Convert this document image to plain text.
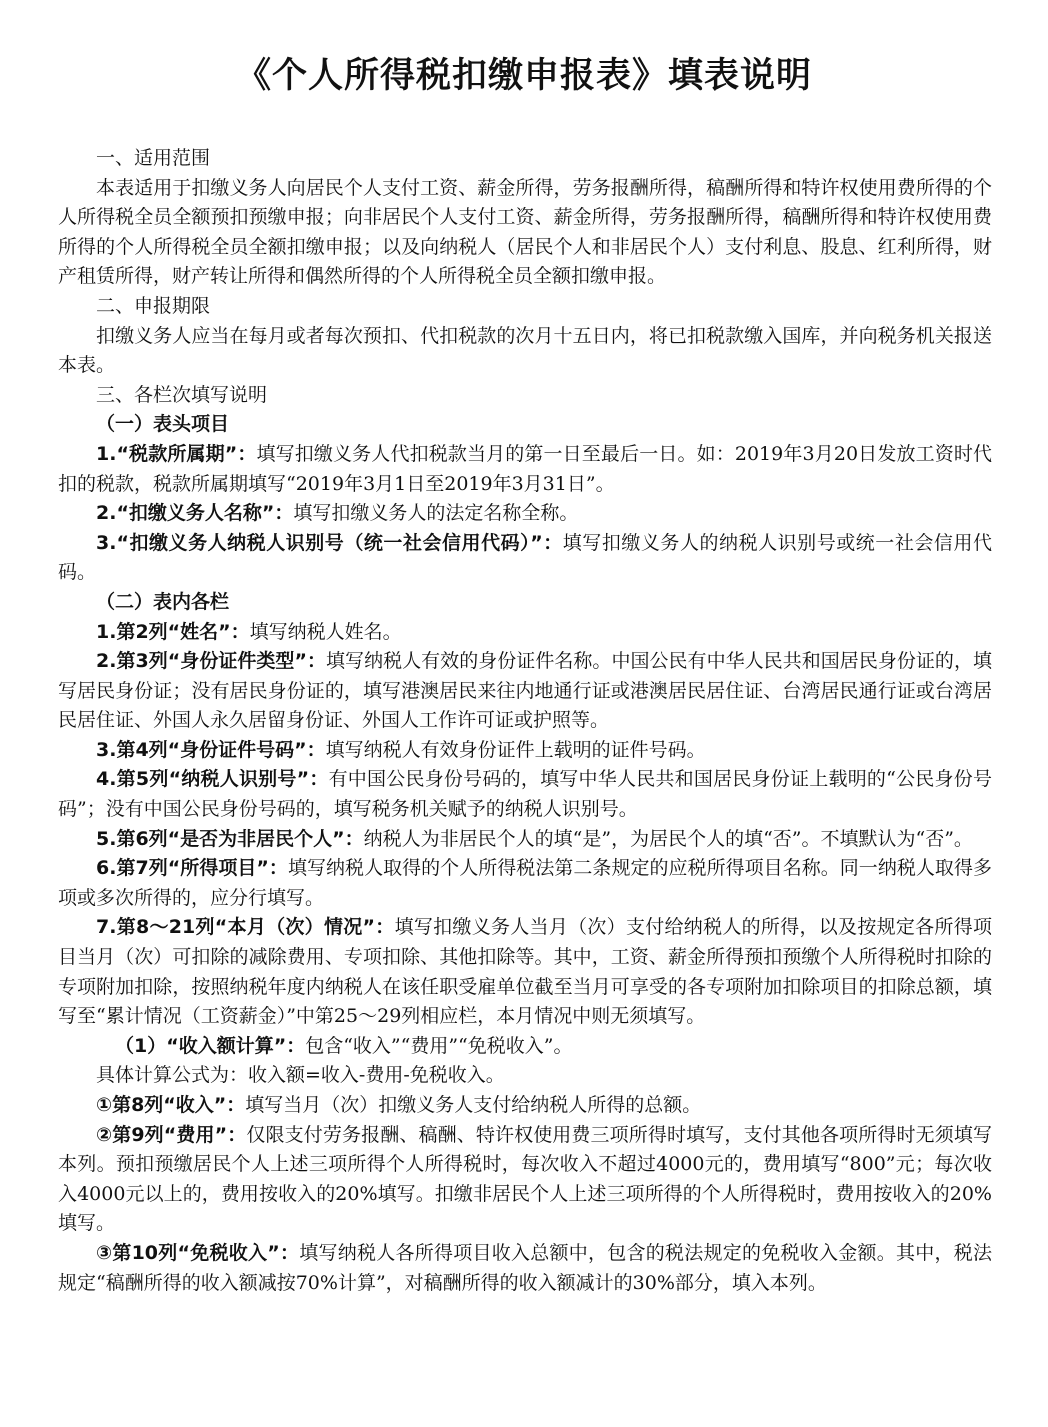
《个人所得税扣缴申报表》填表说明

一、适用范围

本表适用于扣缴义务人向居民个人支付工资、薪金所得，劳务报酬所得，稿酬所得和特许权使用费所得的个人所得税全员全额预扣预缴申报；向非居民个人支付工资、薪金所得，劳务报酬所得，稿酬所得和特许权使用费所得的个人所得税全员全额扣缴申报；以及向纳税人（居民个人和非居民个人）支付利息、股息、红利所得，财产租赁所得，财产转让所得和偶然所得的个人所得税全员全额扣缴申报。

二、申报期限

扣缴义务人应当在每月或者每次预扣、代扣税款的次月十五日内，将已扣税款缴入国库，并向税务机关报送本表。

三、各栏次填写说明

（一）表头项目

1.“税款所属期”：填写扣缴义务人代扣税款当月的第一日至最后一日。如：2019年3月20日发放工资时代扣的税款，税款所属期填写“2019年3月1日至2019年3月31日”。

2.“扣缴义务人名称”：填写扣缴义务人的法定名称全称。

3.“扣缴义务人纳税人识别号（统一社会信用代码）”：填写扣缴义务人的纳税人识别号或统一社会信用代码。

（二）表内各栏

1.第2列“姓名”：填写纳税人姓名。

2.第3列“身份证件类型”：填写纳税人有效的身份证件名称。中国公民有中华人民共和国居民身份证的，填写居民身份证；没有居民身份证的，填写港澳居民来往内地通行证或港澳居民居住证、台湾居民通行证或台湾居民居住证、外国人永久居留身份证、外国人工作许可证或护照等。

3.第4列“身份证件号码”：填写纳税人有效身份证件上载明的证件号码。

4.第5列“纳税人识别号”：有中国公民身份号码的，填写中华人民共和国居民身份证上载明的“公民身份号码”；没有中国公民身份号码的，填写税务机关赋予的纳税人识别号。

5.第6列“是否为非居民个人”：纳税人为非居民个人的填“是”，为居民个人的填“否”。不填默认为“否”。

6.第7列“所得项目”：填写纳税人取得的个人所得税法第二条规定的应税所得项目名称。同一纳税人取得多项或多次所得的，应分行填写。

7.第8～21列“本月（次）情况”：填写扣缴义务人当月（次）支付给纳税人的所得，以及按规定各所得项目当月（次）可扣除的减除费用、专项扣除、其他扣除等。其中，工资、薪金所得预扣预缴个人所得税时扣除的专项附加扣除，按照纳税年度内纳税人在该任职受雇单位截至当月可享受的各专项附加扣除项目的扣除总额，填写至“累计情况（工资薪金）”中第25～29列相应栏，本月情况中则无须填写。

（1）“收入额计算”：包含“收入”“费用”“免税收入”。

具体计算公式为：收入额=收入-费用-免税收入。

①第8列“收入”：填写当月（次）扣缴义务人支付给纳税人所得的总额。

②第9列“费用”：仅限支付劳务报酬、稿酬、特许权使用费三项所得时填写，支付其他各项所得时无须填写本列。预扣预缴居民个人上述三项所得个人所得税时，每次收入不超过4000元的，费用填写“800”元；每次收入4000元以上的，费用按收入的20%填写。扣缴非居民个人上述三项所得的个人所得税时，费用按收入的20%填写。

③第10列“免税收入”：填写纳税人各所得项目收入总额中，包含的税法规定的免税收入金额。其中，税法规定“稿酬所得的收入额减按70%计算”，对稿酬所得的收入额减计的30%部分，填入本列。
